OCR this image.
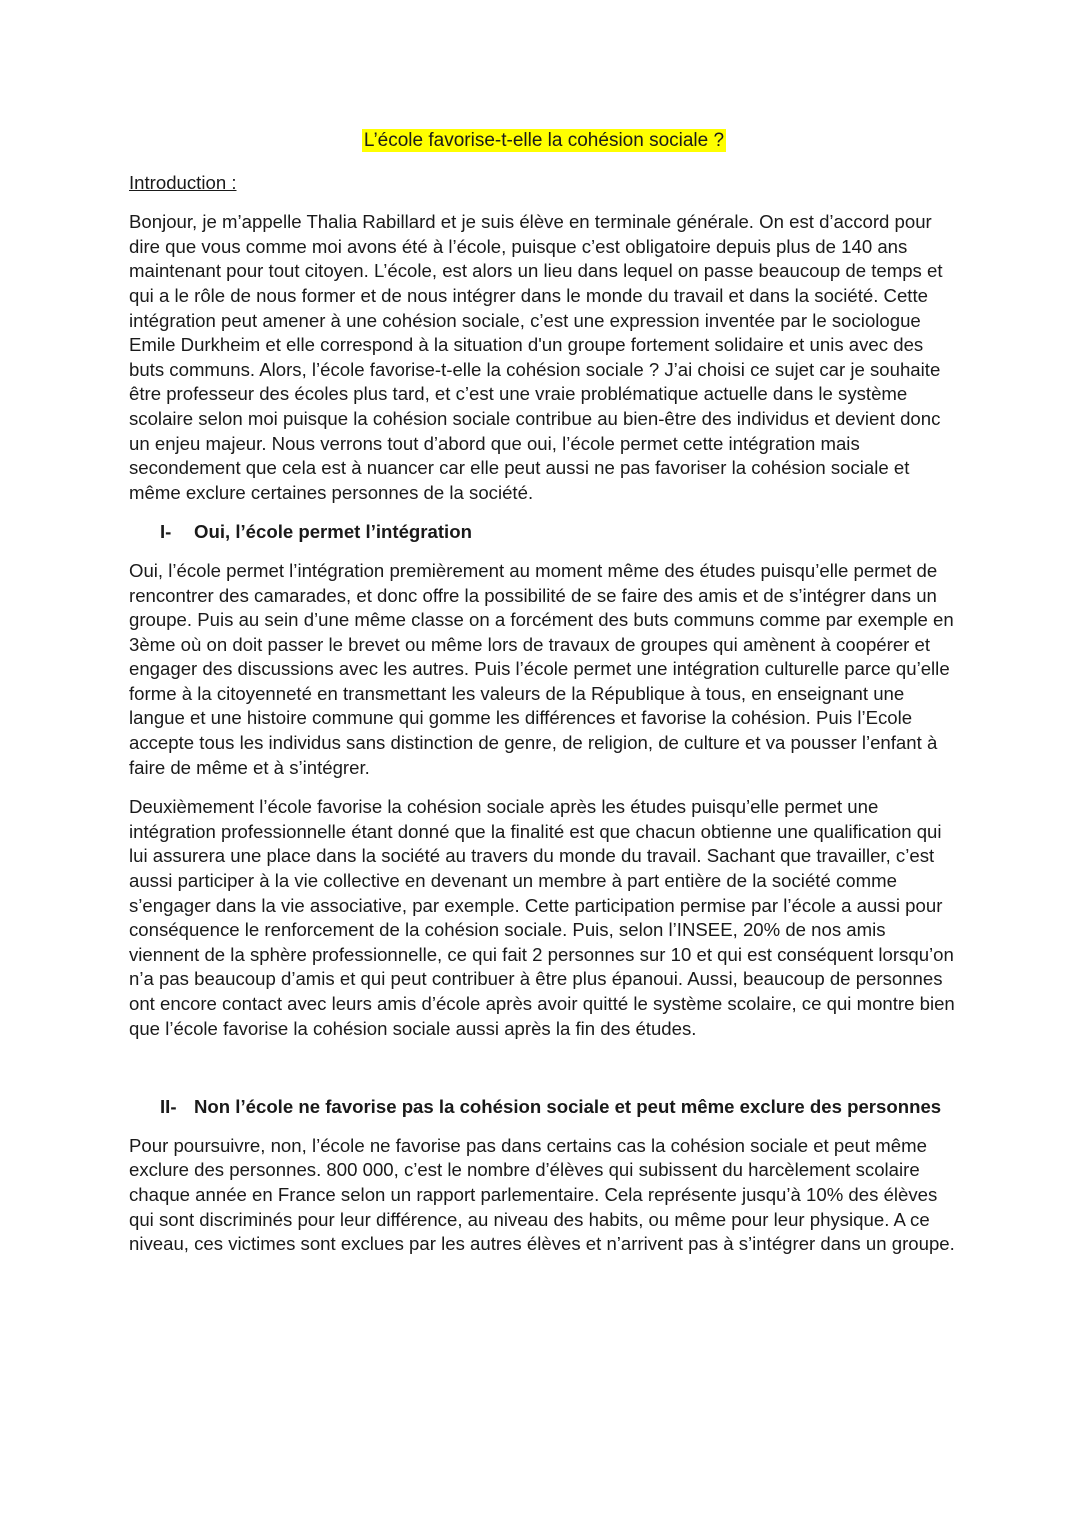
L’école favorise-t-elle la cohésion sociale ?
Introduction :

Bonjour, je m’appelle Thalia Rabillard et je suis élève en terminale générale. On est d’accord pour dire que vous comme moi avons été à l’école, puisque c’est obligatoire depuis plus de 140 ans maintenant pour tout citoyen. L’école, est alors un lieu dans lequel on passe beaucoup de temps et qui a le rôle de nous former et de nous intégrer dans le monde du travail et dans la société. Cette intégration peut amener à une cohésion sociale, c’est une expression inventée par le sociologue Emile Durkheim et elle correspond à la situation d'un groupe fortement solidaire et unis avec des buts communs. Alors, l’école favorise-t-elle la cohésion sociale ? J’ai choisi ce sujet car je souhaite être professeur des écoles plus tard, et c’est une vraie problématique actuelle dans le système scolaire selon moi puisque la cohésion sociale contribue au bien-être des individus et devient donc un enjeu majeur. Nous verrons tout d’abord que oui, l’école permet cette intégration mais secondement que cela est à nuancer car elle peut aussi ne pas favoriser la cohésion sociale et même exclure certaines personnes de la société.

I-	Oui, l’école permet l’intégration

Oui, l’école permet l’intégration premièrement au moment même des études puisqu’elle permet de rencontrer des camarades, et donc offre la possibilité de se faire des amis et de s’intégrer dans un groupe. Puis au sein d’une même classe on a forcément des buts communs comme par exemple en 3ème où on doit passer le brevet ou même lors de travaux de groupes qui amènent à coopérer et engager des discussions avec les autres. Puis l’école permet une intégration culturelle parce qu’elle forme à la citoyenneté en transmettant les valeurs de la République à tous, en enseignant une langue et une histoire commune qui gomme les différences et favorise la cohésion. Puis l’Ecole accepte tous les individus sans distinction de genre, de religion, de culture et va pousser l’enfant à faire de même et à s’intégrer.

Deuxièmement l’école favorise la cohésion sociale après les études puisqu’elle permet une intégration professionnelle étant donné que la finalité est que chacun obtienne une qualification qui lui assurera une place dans la société au travers du monde du travail. Sachant que travailler, c’est aussi participer à la vie collective en devenant un membre à part entière de la société comme s’engager dans la vie associative, par exemple. Cette participation permise par l’école a aussi pour conséquence le renforcement de la cohésion sociale. Puis, selon l’INSEE, 20% de nos amis viennent de la sphère professionnelle, ce qui fait 2 personnes sur 10 et qui est conséquent lorsqu’on n’a pas beaucoup d’amis et qui peut contribuer à être plus épanoui. Aussi, beaucoup de personnes ont encore contact avec leurs amis d’école après avoir quitté le système scolaire, ce qui montre bien que l’école favorise la cohésion sociale aussi après la fin des études.

II- Non l’école ne favorise pas la cohésion sociale et peut même exclure des personnes

Pour poursuivre, non, l’école ne favorise pas dans certains cas la cohésion sociale et peut même exclure des personnes. 800 000, c’est le nombre d’élèves qui subissent du harcèlement scolaire chaque année en France selon un rapport parlementaire. Cela représente jusqu’à 10% des élèves qui sont discriminés pour leur différence, au niveau des habits, ou même pour leur physique. A ce niveau, ces victimes sont exclues par les autres élèves et n’arrivent pas à s’intégrer dans un groupe.
